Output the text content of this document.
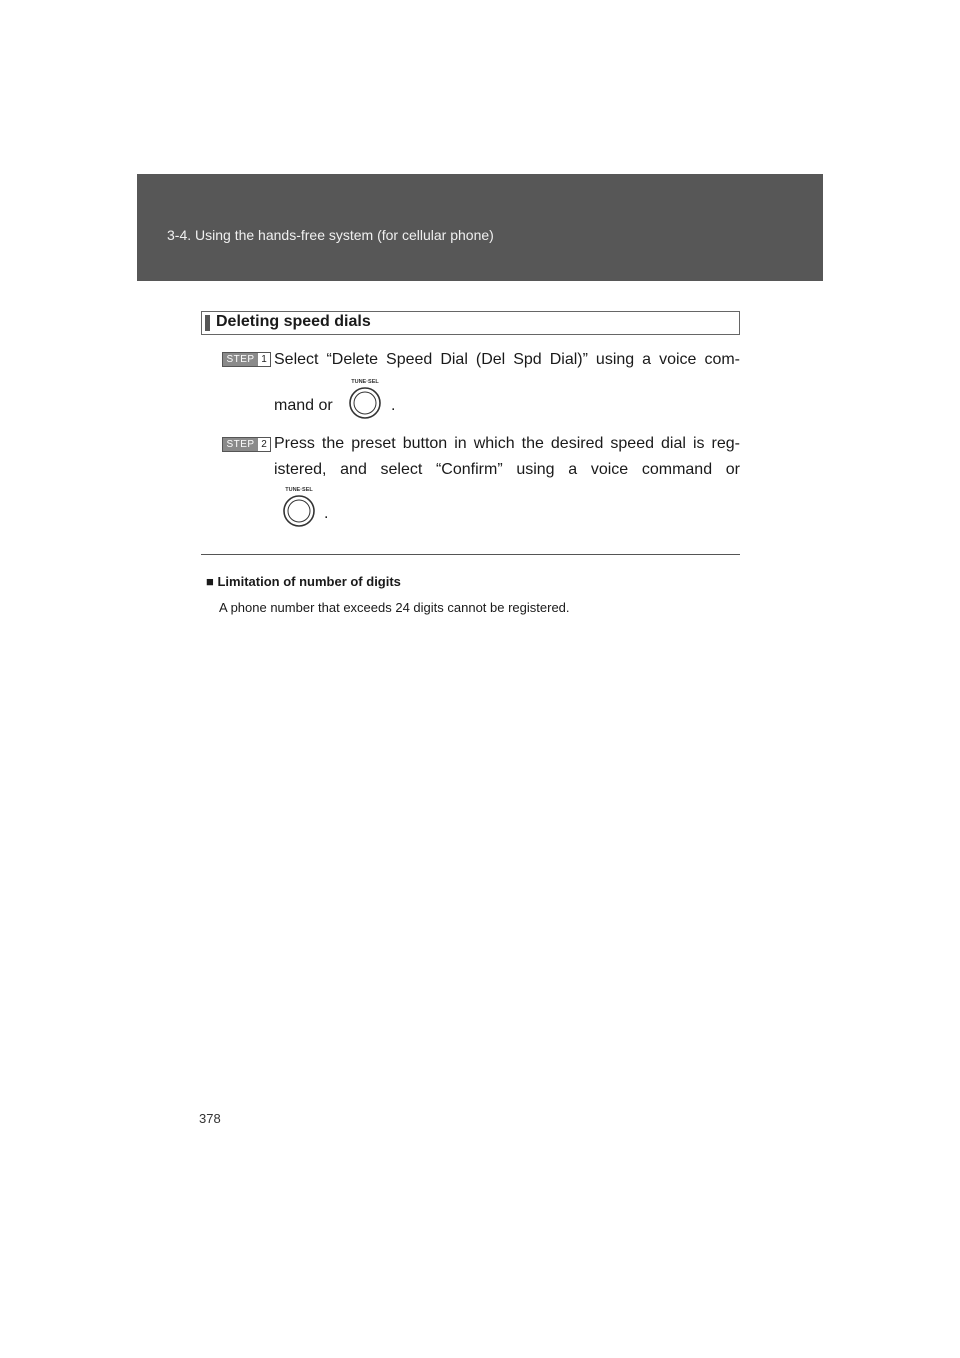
3-4. Using the hands-free system (for cellular phone)
Deleting speed dials
STEP 1 Select “Delete Speed Dial (Del Spd Dial)” using a voice com-
mand or
TUNE·SEL
.
STEP 2 Press the preset button in which the desired speed dial is reg-
istered, and select “Confirm” using a voice command or
TUNE·SEL
.
■ Limitation of number of digits
A phone number that exceeds 24 digits cannot be registered.
378
